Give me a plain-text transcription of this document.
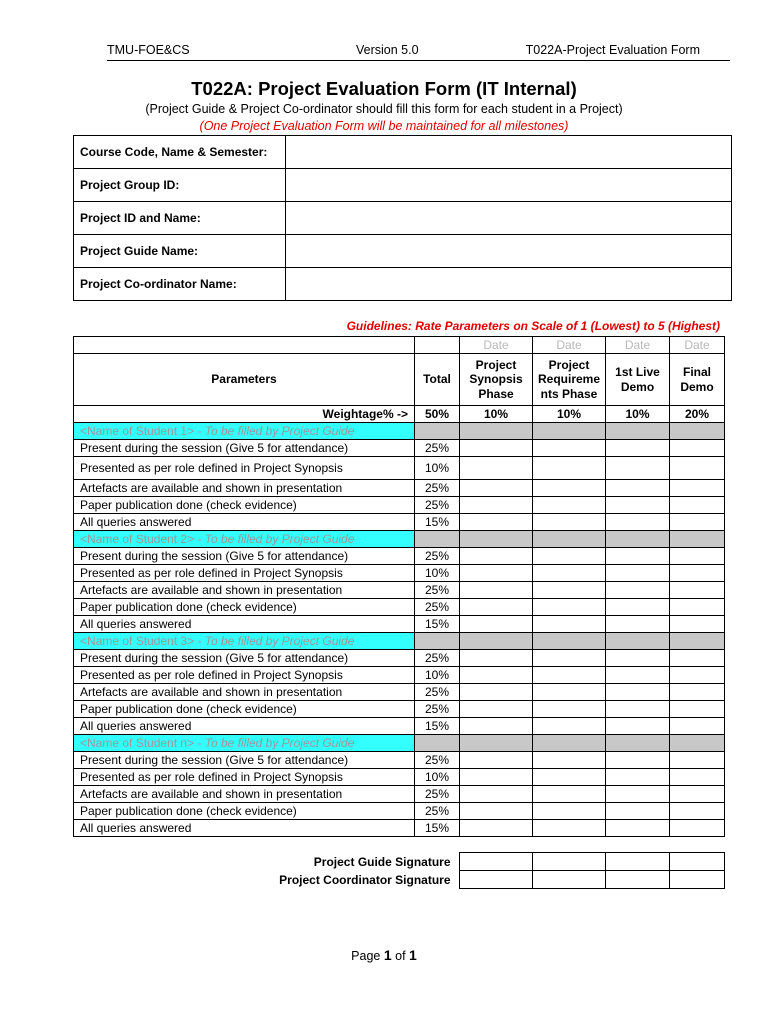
TMU-FOE&CS	Version 5.0	T022A-Project Evaluation Form
T022A: Project Evaluation Form (IT Internal)
(Project Guide & Project Co-ordinator should fill this form for each student in a Project)
(One Project Evaluation Form will be maintained for all milestones)
Course Code, Name & Semester:	
Project Group ID:	
Project ID and Name:	
Project Guide Name:	
Project Co-ordinator Name:	
Guidelines: Rate Parameters on Scale of 1 (Lowest) to 5 (Highest)
		Date	Date	Date	Date	
Parameters	Total	Project Synopsis Phase	Project Requireme nts Phase	1st Live Demo	Final Demo	
Weightage% ->	50%	10%	10%	10%	20%	
<Name of Student 1> - To be filled by Project Guide						
Present during the session (Give 5 for attendance)	25%					
Presented as per role defined in Project Synopsis	10%					
Artefacts are available and shown in presentation	25%					
Paper publication done (check evidence)	25%					
All queries answered	15%					
<Name of Student 2> - To be filled by Project Guide						
Present during the session (Give 5 for attendance)	25%					
Presented as per role defined in Project Synopsis	10%					
Artefacts are available and shown in presentation	25%					
Paper publication done (check evidence)	25%					
All queries answered	15%					
<Name of Student 3> - To be filled by Project Guide						
Present during the session (Give 5 for attendance)	25%					
Presented as per role defined in Project Synopsis	10%					
Artefacts are available and shown in presentation	25%					
Paper publication done (check evidence)	25%					
All queries answered	15%					
<Name of Student n> - To be filled by Project Guide						
Present during the session (Give 5 for attendance)	25%					
Presented as per role defined in Project Synopsis	10%					
Artefacts are available and shown in presentation	25%					
Paper publication done (check evidence)	25%					
All queries answered	15%					
Project Guide Signature				
Project Coordinator Signature				
Page 1 of 1
